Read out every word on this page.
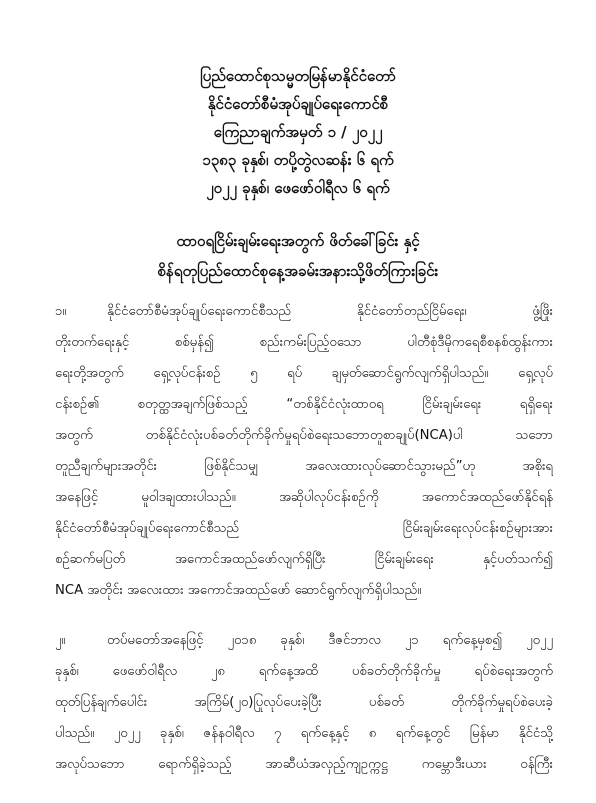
ပြည်ထောင်စုသမ္မတမြန်မာနိုင်ငံတော်
နိုင်ငံတော်စီမံအုပ်ချုပ်ရေးကောင်စီ
ကြေညာချက်အမှတ် ၁ / ၂၀၂၂
၁၃၈၃ ခုနှစ်၊ တပို့တွဲလဆန်း ၆ ရက်
၂၀၂၂ ခုနှစ်၊ ဖေဖော်ဝါရီလ ၆ ရက်
ထာဝရငြိမ်းချမ်းရေးအတွက် ဖိတ်ခေါ်ခြင်း နှင့်
စိန်ရတုပြည်ထောင်စုနေ့အခမ်းအနားသို့ဖိတ်ကြားခြင်း
၁။	နိုင်ငံတော်စီမံအုပ်ချုပ်ရေးကောင်စီသည် နိုင်ငံတော်တည်ငြိမ်ရေး၊ ဖွံ့ဖြိုး
တိုးတက်ရေးနှင့် စစ်မှန်၍ စည်းကမ်းပြည့်ဝသော ပါတီစုံဒီမိုကရေစီစနစ်ထွန်းကား
ရေးတို့အတွက် ရှေ့လုပ်ငန်းစဉ် ၅ ရပ် ချမှတ်ဆောင်ရွက်လျက်ရှိပါသည်။ ရှေ့လုပ်
ငန်းစဉ်၏ စတုတ္ထအချက်ဖြစ်သည့် “တစ်နိုင်ငံလုံးထာဝရ ငြိမ်းချမ်းရေး ရရှိရေး
အတွက် တစ်နိုင်ငံလုံးပစ်ခတ်တိုက်ခိုက်မှုရပ်စဲရေးသဘောတူစာချုပ်(NCA)ပါ သဘော
တူညီချက်များအတိုင်း ဖြစ်နိုင်သမျှ အလေးထားလုပ်ဆောင်သွားမည်”ဟု အစိုးရ
အနေဖြင့် မူဝါဒချထားပါသည်။ အဆိုပါလုပ်ငန်းစဉ်ကို အကောင်အထည်ဖော်နိုင်ရန်
နိုင်ငံတော်စီမံအုပ်ချုပ်ရေးကောင်စီသည် ငြိမ်းချမ်းရေးလုပ်ငန်းစဉ်များအား
စဉ်ဆက်မပြတ် အကောင်အထည်ဖော်လျက်ရှိပြီး ငြိမ်းချမ်းရေး နှင့်ပတ်သက်၍
NCA အတိုင်း အလေးထား အကောင်အထည်ဖော် ဆောင်ရွက်လျက်ရှိပါသည်။
၂။	တပ်မတော်အနေဖြင့် ၂၀၁၈ ခုနှစ်၊ ဒီဇင်ဘာလ ၂၁ ရက်နေ့မှစ၍ ၂၀၂၂
ခုနှစ်၊ ဖေဖော်ဝါရီလ ၂၈ ရက်နေ့အထိ ပစ်ခတ်တိုက်ခိုက်မှု ရပ်စဲရေးအတွက်
ထုတ်ပြန်ချက်ပေါင်း အကြိမ်(၂၀)ပြုလုပ်ပေးခဲ့ပြီး ပစ်ခတ် တိုက်ခိုက်မှုရပ်စဲပေးခဲ့
ပါသည်။ ၂၀၂၂ ခုနှစ်၊ ဇန်နဝါရီလ ၇ ရက်နေ့နှင့် ၈ ရက်နေ့တွင် မြန်မာ နိုင်ငံသို့
အလုပ်သဘော ရောက်ရှိခဲ့သည့် အာဆီယံအလှည့်ကျဥက္ကဋ္ဌ ကမ္ဘောဒီးယား ဝန်ကြီး
